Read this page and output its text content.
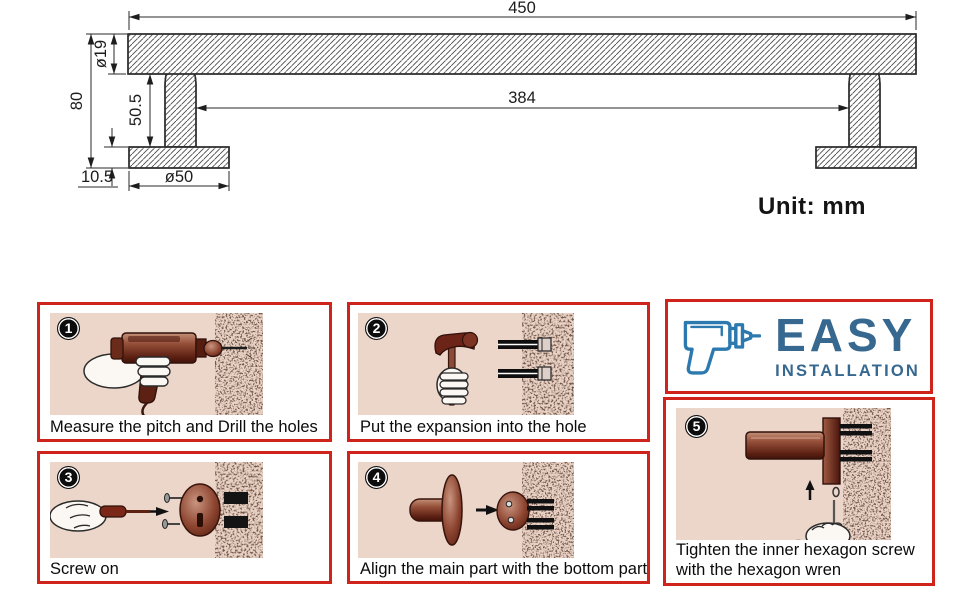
450
384
ø19
80 50.5
10.5	ø50
Unit: mm
1
Measure the pitch and Drill the holes
2
Put the expansion into the hole
EASY
INSTALLATION
3
Screw on
4
Align the main part with the bottom part
5
Tighten the inner hexagon screw with the hexagon wren
